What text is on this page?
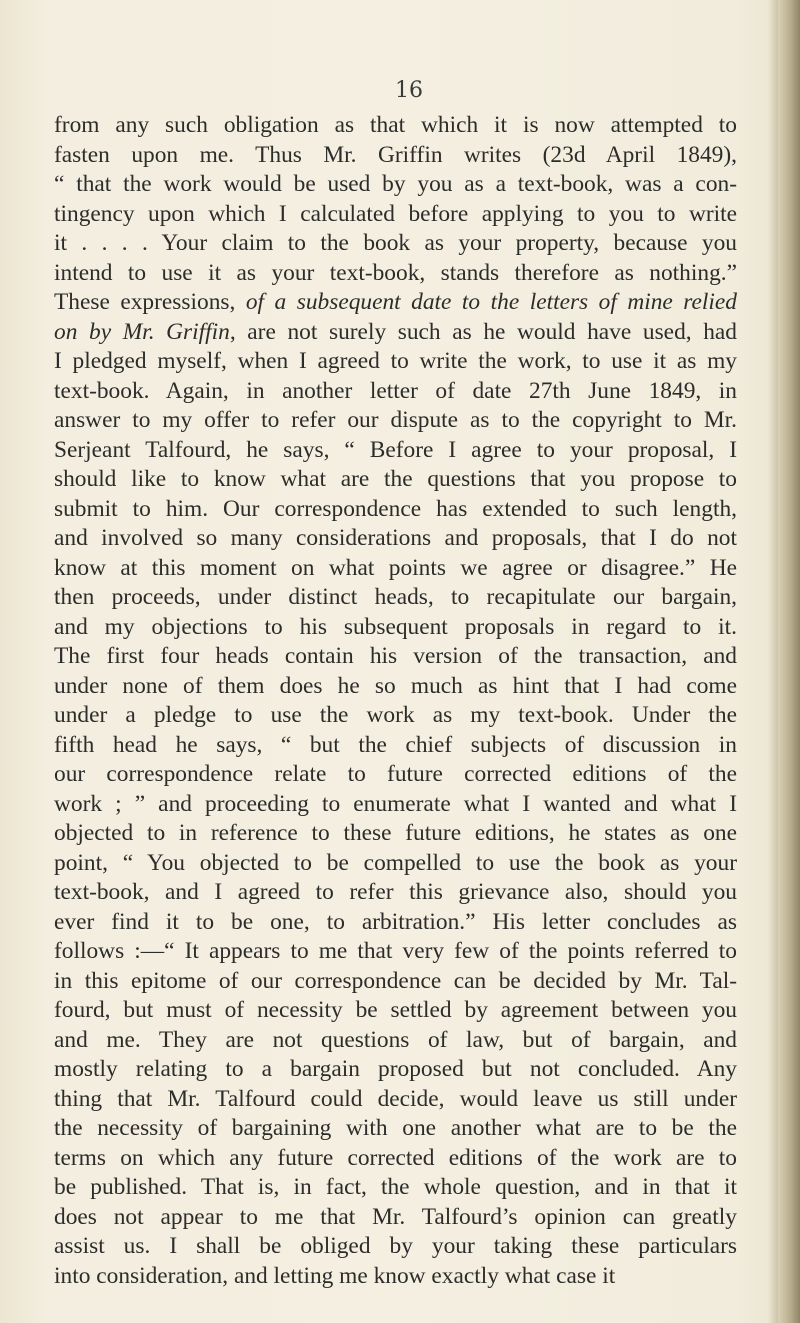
16
from any such obligation as that which it is now attempted to
fasten upon me. Thus Mr. Griffin writes (23d April 1849),
“ that the work would be used by you as a text-book, was a con-
tingency upon which I calculated before applying to you to write
it . . . . Your claim to the book as your property, because you
intend to use it as your text-book, stands therefore as nothing.”
These expressions, of a subsequent date to the letters of mine relied
on by Mr. Griffin, are not surely such as he would have used, had
I pledged myself, when I agreed to write the work, to use it as my
text-book. Again, in another letter of date 27th June 1849, in
answer to my offer to refer our dispute as to the copyright to Mr.
Serjeant Talfourd, he says, “ Before I agree to your proposal, I
should like to know what are the questions that you propose to
submit to him. Our correspondence has extended to such length,
and involved so many considerations and proposals, that I do not
know at this moment on what points we agree or disagree.” He
then proceeds, under distinct heads, to recapitulate our bargain,
and my objections to his subsequent proposals in regard to it.
The first four heads contain his version of the transaction, and
under none of them does he so much as hint that I had come
under a pledge to use the work as my text-book. Under the
fifth head he says, “ but the chief subjects of discussion in
our correspondence relate to future corrected editions of the
work ; ” and proceeding to enumerate what I wanted and what I
objected to in reference to these future editions, he states as one
point, “ You objected to be compelled to use the book as your
text-book, and I agreed to refer this grievance also, should you
ever find it to be one, to arbitration.” His letter concludes as
follows :—“ It appears to me that very few of the points referred to
in this epitome of our correspondence can be decided by Mr. Tal-
fourd, but must of necessity be settled by agreement between you
and me. They are not questions of law, but of bargain, and
mostly relating to a bargain proposed but not concluded. Any
thing that Mr. Talfourd could decide, would leave us still under
the necessity of bargaining with one another what are to be the
terms on which any future corrected editions of the work are to
be published. That is, in fact, the whole question, and in that it
does not appear to me that Mr. Talfourd’s opinion can greatly
assist us. I shall be obliged by your taking these particulars
into consideration, and letting me know exactly what case it
